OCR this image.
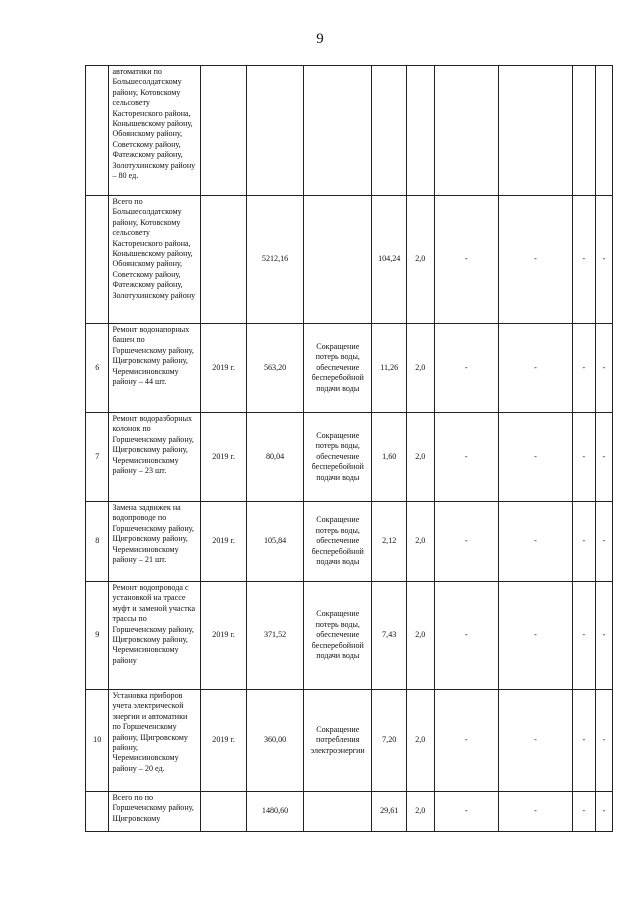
9
	автоматики по Большесолдатскому району, Котовскому сельсовету Касторенского района, Конышевскому району, Обоянскому району, Советскому району, Фатежскому району, Золотухинскому району – 80 ед.									
	Всего по Большесолдатскому району, Котовскому сельсовету Касторенского района, Конышевскому району, Обоянскому району, Советскому району, Фатежскому району, Золотухинскому району		5212,16		104,24	2,0	-	-	-	-
6	Ремонт водонапорных башен по Горшеченскому району, Щигровскому району, Черемисиновскому району – 44 шт.	2019 г.	563,20	Сокращение потерь воды, обеспечение бесперебойной подачи воды	11,26	2,0	-	-	-	-
7	Ремонт водоразборных колонок по Горшеченскому району, Щигровскому району, Черемисиновскому району – 23 шт.	2019 г.	80,04	Сокращение потерь воды, обеспечение бесперебойной подачи воды	1,60	2,0	-	-	-	-
8	Замена задвижек на водопроводе по Горшеченскому району, Щигровскому району, Черемисиновскому району – 21 шт.	2019 г.	105,84	Сокращение потерь воды, обеспечение бесперебойной подачи воды	2,12	2,0	-	-	-	-
9	Ремонт водопровода с установкой на трассе муфт и заменой участка трассы по Горшеченскому району, Щигровскому району, Черемисиновскому району	2019 г.	371,52	Сокращение потерь воды, обеспечение бесперебойной подачи воды	7,43	2,0	-	-	-	-
10	Установка приборов учета электрической энергии и автоматики по Горшеченскому району, Щигровскому району, Черемисиновскому району – 20 ед.	2019 г.	360,00	Сокращение потребления электроэнергии	7,20	2,0	-	-	-	-
	Всего по по Горшеченскому району, Щигровскому		1480,60		29,61	2,0	-	-	-	-
